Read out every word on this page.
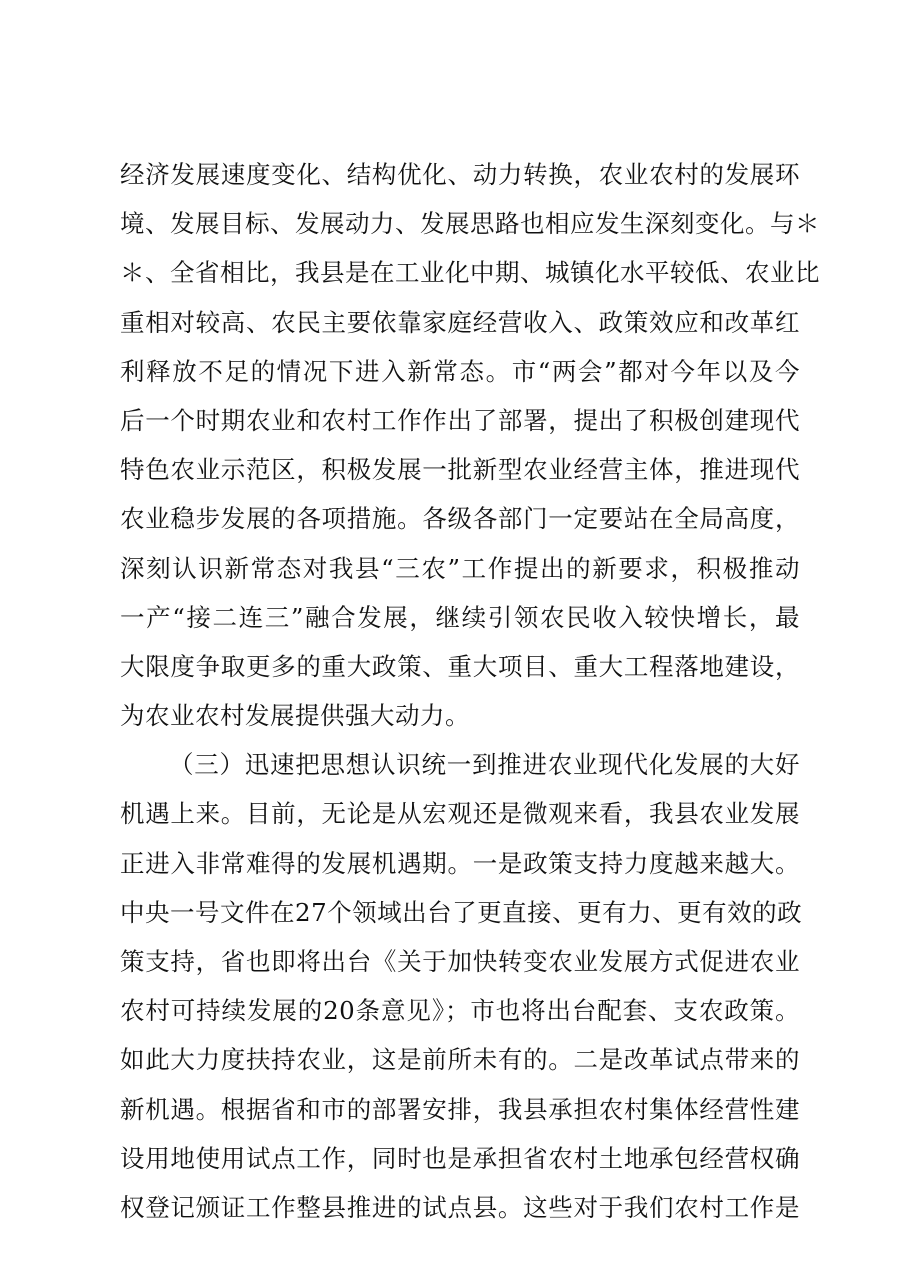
经济发展速度变化、结构优化、动力转换，农业农村的发展环
境、发展目标、发展动力、发展思路也相应发生深刻变化。与＊
＊、全省相比，我县是在工业化中期、城镇化水平较低、农业比
重相对较高、农民主要依靠家庭经营收入、政策效应和改革红
利释放不足的情况下进入新常态。市“两会”都对今年以及今
后一个时期农业和农村工作作出了部署，提出了积极创建现代
特色农业示范区，积极发展一批新型农业经营主体，推进现代
农业稳步发展的各项措施。各级各部门一定要站在全局高度，
深刻认识新常态对我县“三农”工作提出的新要求，积极推动
一产“接二连三”融合发展，继续引领农民收入较快增长，最
大限度争取更多的重大政策、重大项目、重大工程落地建设，
为农业农村发展提供强大动力。
（三）迅速把思想认识统一到推进农业现代化发展的大好
机遇上来。目前，无论是从宏观还是微观来看，我县农业发展
正进入非常难得的发展机遇期。一是政策支持力度越来越大。
中央一号文件在27个领域出台了更直接、更有力、更有效的政
策支持，省也即将出台《关于加快转变农业发展方式促进农业
农村可持续发展的20条意见》；市也将出台配套、支农政策。
如此大力度扶持农业，这是前所未有的。二是改革试点带来的
新机遇。根据省和市的部署安排，我县承担农村集体经营性建
设用地使用试点工作，同时也是承担省农村土地承包经营权确
权登记颁证工作整县推进的试点县。这些对于我们农村工作是
